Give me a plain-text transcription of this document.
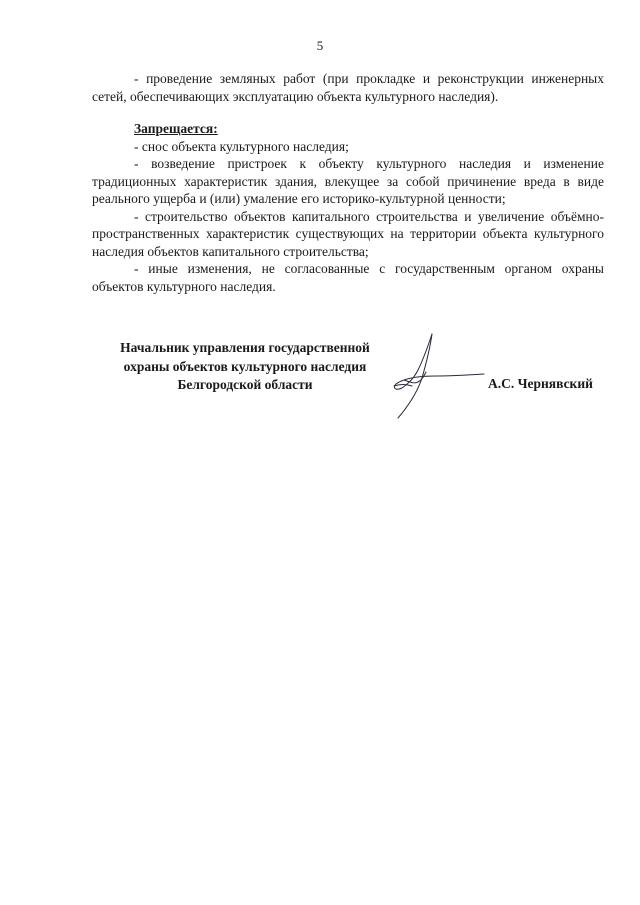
5

- проведение земляных работ (при прокладке и реконструкции инженерных

сетей, обеспечивающих эксплуатацию объекта культурного наследия).

Запрещается:

- снос объекта культурного наследия;

- возведение пристроек к объекту культурного наследия и изменение традиционных характеристик здания, влекущее за собой причинение вреда в виде реального ущерба и (или) умаление его историко-культурной ценности;

- строительство объектов капитального строительства и увеличение объёмно-пространственных характеристик существующих на территории объекта культурного наследия объектов капитального строительства;

- иные изменения, не согласованные с государственным органом охраны объектов культурного наследия.

Начальник управления государственной
охраны объектов культурного наследия
Белгородской области	А.С. Чернявский
